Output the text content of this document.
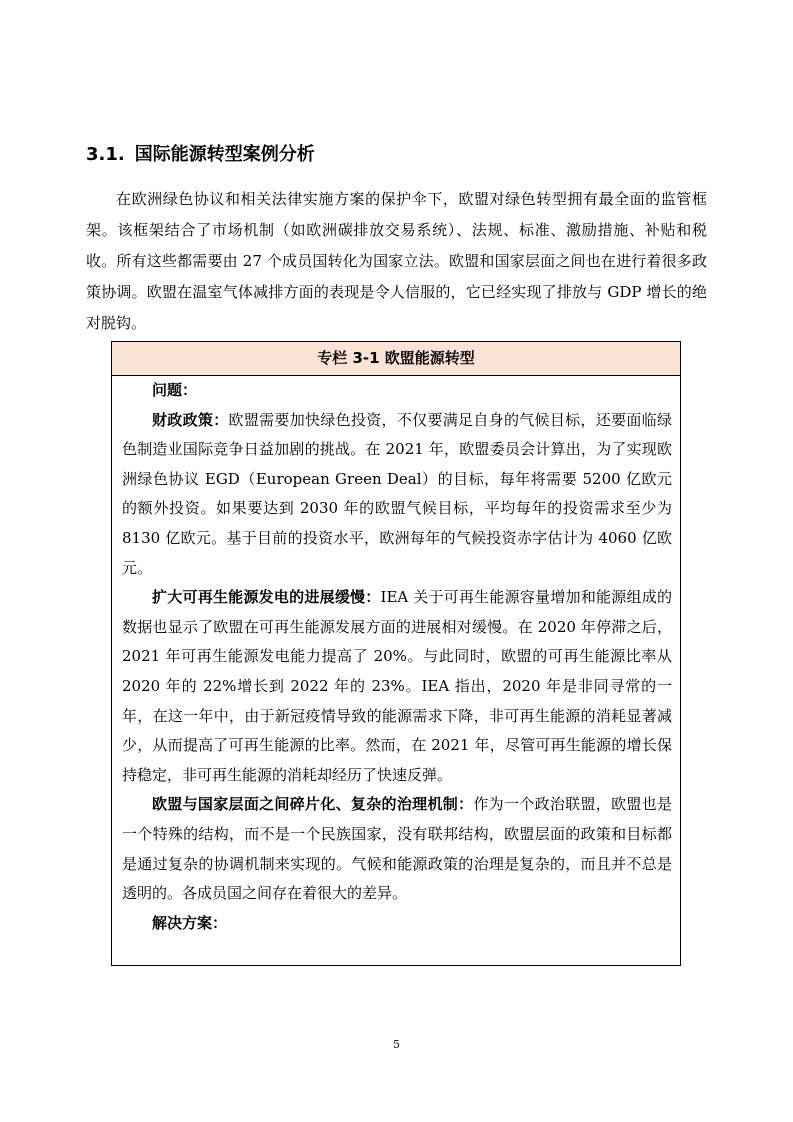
3.1. 国际能源转型案例分析
在欧洲绿色协议和相关法律实施方案的保护伞下，欧盟对绿色转型拥有最全面的监管框架。该框架结合了市场机制（如欧洲碳排放交易系统）、法规、标准、激励措施、补贴和税收。所有这些都需要由 27 个成员国转化为国家立法。欧盟和国家层面之间也在进行着很多政策协调。欧盟在温室气体减排方面的表现是令人信服的，它已经实现了排放与 GDP 增长的绝对脱钩。
专栏 3-1 欧盟能源转型

问题：

财政政策：欧盟需要加快绿色投资，不仅要满足自身的气候目标，还要面临绿色制造业国际竞争日益加剧的挑战。在 2021 年，欧盟委员会计算出，为了实现欧洲绿色协议 EGD（European Green Deal）的目标，每年将需要 5200 亿欧元的额外投资。如果要达到 2030 年的欧盟气候目标，平均每年的投资需求至少为 8130 亿欧元。基于目前的投资水平，欧洲每年的气候投资赤字估计为 4060 亿欧元。

扩大可再生能源发电的进展缓慢：IEA 关于可再生能源容量增加和能源组成的数据也显示了欧盟在可再生能源发展方面的进展相对缓慢。在 2020 年停滞之后，2021 年可再生能源发电能力提高了 20%。与此同时，欧盟的可再生能源比率从 2020 年的 22%增长到 2022 年的 23%。IEA 指出，2020 年是非同寻常的一年，在这一年中，由于新冠疫情导致的能源需求下降，非可再生能源的消耗显著减少，从而提高了可再生能源的比率。然而，在 2021 年，尽管可再生能源的增长保持稳定，非可再生能源的消耗却经历了快速反弹。

欧盟与国家层面之间碎片化、复杂的治理机制：作为一个政治联盟，欧盟也是一个特殊的结构，而不是一个民族国家，没有联邦结构，欧盟层面的政策和目标都是通过复杂的协调机制来实现的。气候和能源政策的治理是复杂的，而且并不总是透明的。各成员国之间存在着很大的差异。

解决方案：

5
